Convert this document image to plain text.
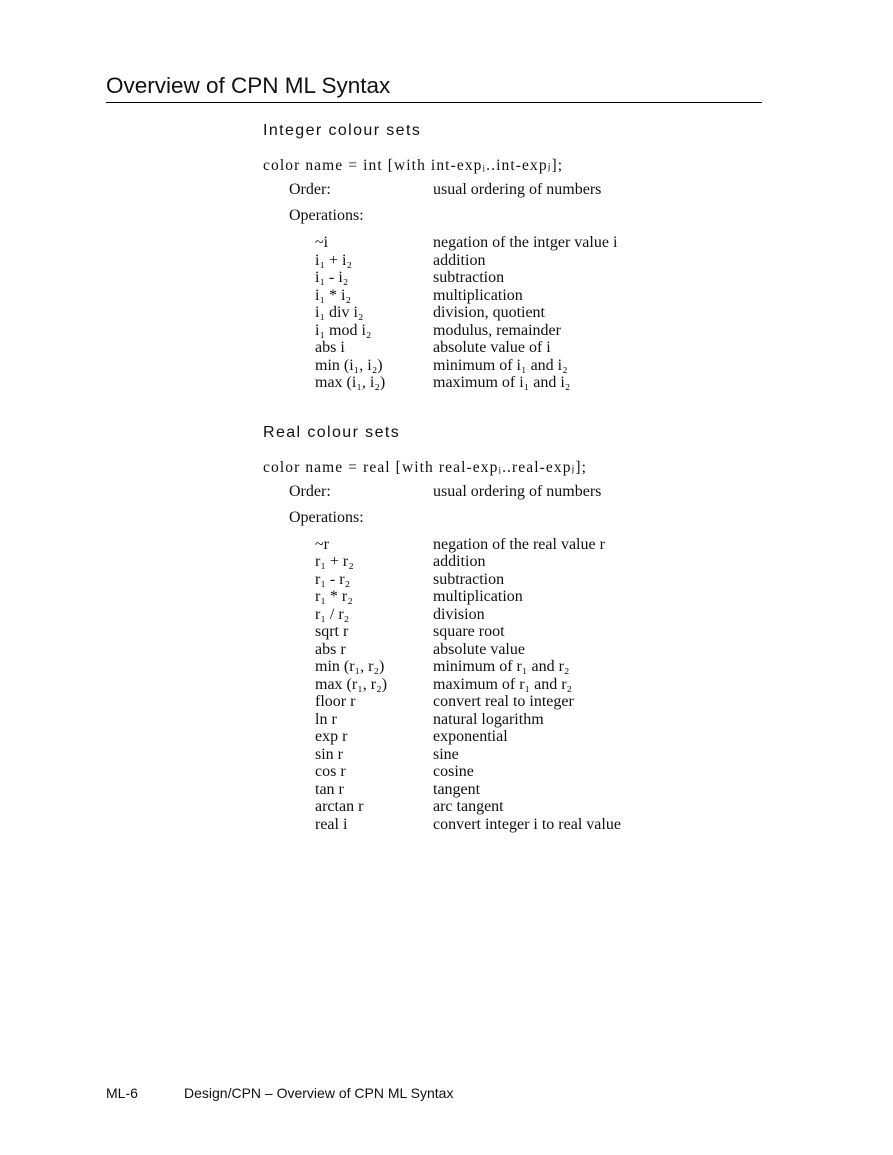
Overview of CPN ML Syntax
Integer colour sets
color name = int [with int-expᵢ..int-expⱼ];
Order:	usual ordering of numbers
Operations:
~i	negation of the intger value i
i₁ + i₂	addition
i₁ - i₂	subtraction
i₁ * i₂	multiplication
i₁ div i₂	division, quotient
i₁ mod i₂	modulus, remainder
abs i	absolute value of i
min (i₁, i₂)	minimum of i₁ and i₂
max (i₁, i₂)	maximum of i₁ and i₂
Real colour sets
color name = real [with real-expᵢ..real-expⱼ];
Order:	usual ordering of numbers
Operations:
~r	negation of the real value r
r₁ + r₂	addition
r₁ - r₂	subtraction
r₁ * r₂	multiplication
r₁ / r₂	division
sqrt r	square root
abs r	absolute value
min (r₁, r₂)	minimum of r₁ and r₂
max (r₁, r₂)	maximum of r₁ and r₂
floor r	convert real to integer
ln r	natural logarithm
exp r	exponential
sin r	sine
cos r	cosine
tan r	tangent
arctan r	arc tangent
real i	convert integer i to real value
ML-6	Design/CPN – Overview of CPN ML Syntax
